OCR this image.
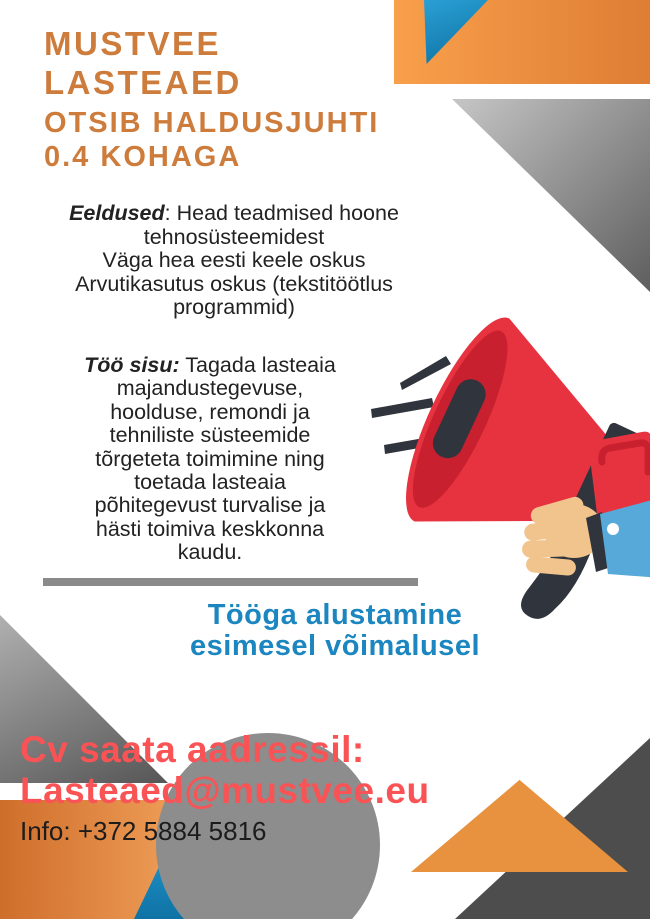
MUSTVEE
LASTEAED
OTSIB HALDUSJUHTI
0.4 KOHAGA
Eeldused: Head teadmised hoone
tehnosüsteemidest
Väga hea eesti keele oskus
Arvutikasutus oskus (tekstitöötlus
programmid)
Töö sisu: Tagada lasteaia
majandustegevuse,
hoolduse, remondi ja
tehniliste süsteemide
tõrgeteta toimimine ning
toetada lasteaia
põhitegevust turvalise ja
hästi toimiva keskkonna
kaudu.
Tööga alustamine
esimesel võimalusel
Cv saata aadressil:
Lasteaed@mustvee.eu
Info: +372 5884 5816
